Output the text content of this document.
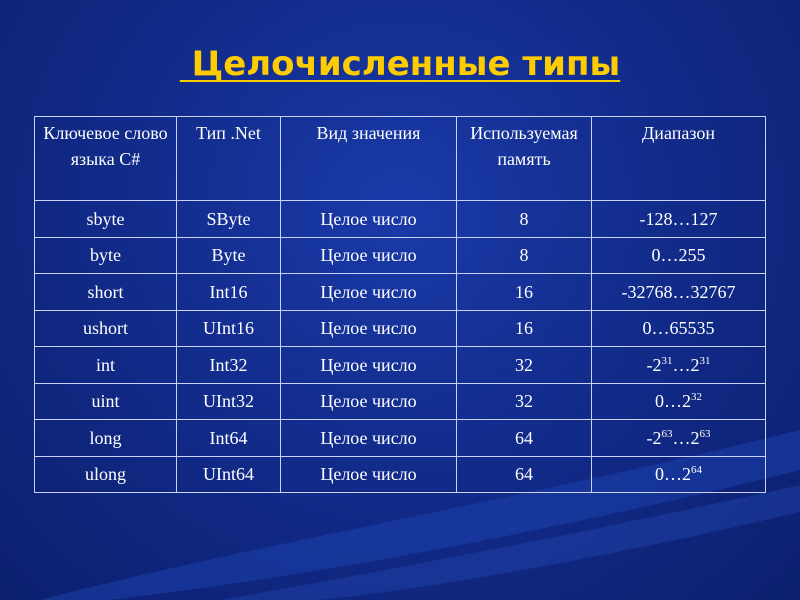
Целочисленные типы
Ключевое слово языка C#	Тип .Net	Вид значения	Используемая память	Диапазон
sbyte	SByte	Целое число	8	-128…127
byte	Byte	Целое число	8	0…255
short	Int16	Целое число	16	-32768…32767
ushort	UInt16	Целое число	16	0…65535
int	Int32	Целое число	32	$-2^{31}\dots 2^{31}$
uint	UInt32	Целое число	32	$0\dots 2^{32}$
long	Int64	Целое число	64	$-2^{63}\dots 2^{63}$
ulong	UInt64	Целое число	64	$0\dots 2^{64}$
